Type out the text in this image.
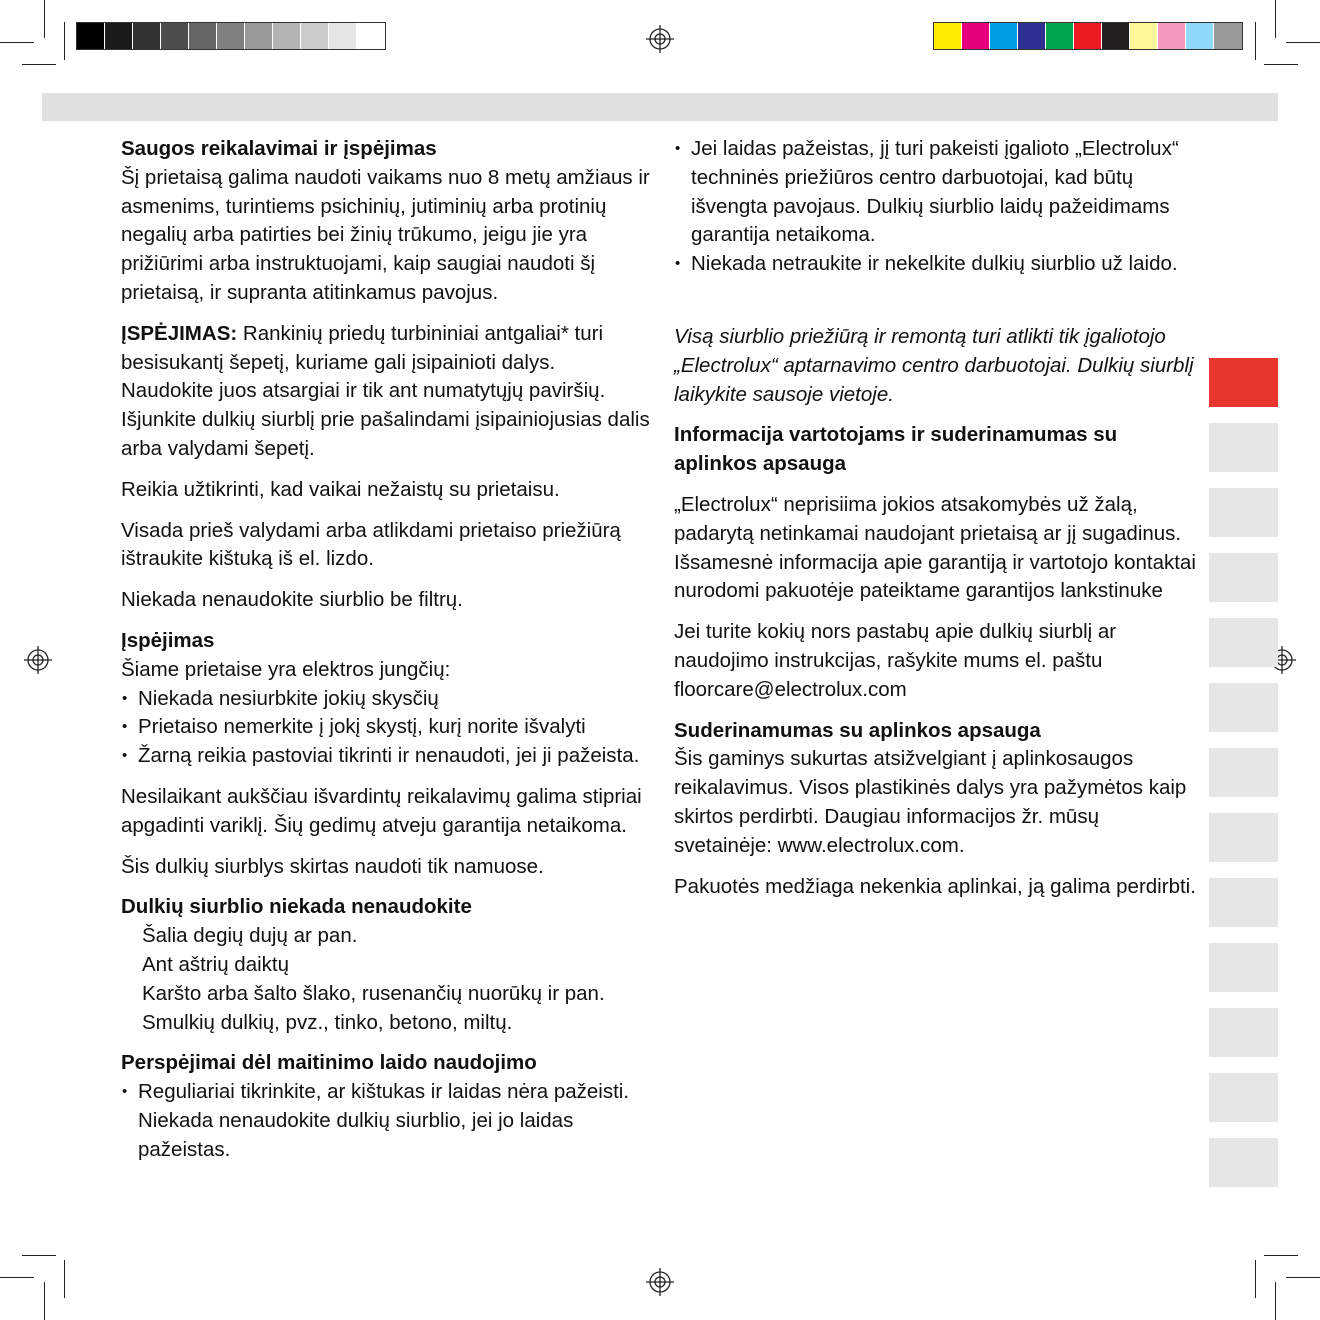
Saugos reikalavimai ir įspėjimas

Šį prietaisą galima naudoti vaikams nuo 8 metų amžiaus ir asmenims, turintiems psichinių, jutiminių arba protinių negalių arba patirties bei žinių trūkumo, jeigu jie yra prižiūrimi arba instruktuojami, kaip saugiai naudoti šį prietaisą, ir supranta atitinkamus pavojus.

ĮSPĖJIMAS: Rankinių priedų turbininiai antgaliai* turi besisukantį šepetį, kuriame gali įsipainioti dalys. Naudokite juos atsargiai ir tik ant numatytųjų paviršių. Išjunkite dulkių siurblį prie pašalindami įsipainiojusias dalis arba valydami šepetį.

Reikia užtikrinti, kad vaikai nežaistų su prietaisu.

Visada prieš valydami arba atlikdami prietaiso priežiūrą ištraukite kištuką iš el. lizdo.

Niekada nenaudokite siurblio be filtrų.

Įspėjimas

Šiame prietaise yra elektros jungčių:

• Niekada nesiurbkite jokių skysčių

• Prietaiso nemerkite į jokį skystį, kurį norite išvalyti

• Žarną reikia pastoviai tikrinti ir nenaudoti, jei ji pažeista.

Nesilaikant aukščiau išvardintų reikalavimų galima stipriai apgadinti variklį. Šių gedimų atveju garantija netaikoma.

Šis dulkių siurblys skirtas naudoti tik namuose.

Dulkių siurblio niekada nenaudokite

Šalia degių dujų ar pan.

Ant aštrių daiktų

Karšto arba šalto šlako, rusenančių nuorūkų ir pan.

Smulkių dulkių, pvz., tinko, betono, miltų.

Perspėjimai dėl maitinimo laido naudojimo

• Reguliariai tikrinkite, ar kištukas ir laidas nėra pažeisti. Niekada nenaudokite dulkių siurblio, jei jo laidas pažeistas.

• Jei laidas pažeistas, jį turi pakeisti įgalioto „Electrolux“ techninės priežiūros centro darbuotojai, kad būtų išvengta pavojaus. Dulkių siurblio laidų pažeidimams garantija netaikoma.

• Niekada netraukite ir nekelkite dulkių siurblio už laido.

Visą siurblio priežiūrą ir remontą turi atlikti tik įgaliotojo „Electrolux“ aptarnavimo centro darbuotojai. Dulkių siurblį laikykite sausoje vietoje.

Informacija vartotojams ir suderinamumas su aplinkos apsauga

„Electrolux“ neprisiima jokios atsakomybės už žalą, padarytą netinkamai naudojant prietaisą ar jį sugadinus. Išsamesnė informacija apie garantiją ir vartotojo kontaktai nurodomi pakuotėje pateiktame garantijos lankstinuke

Jei turite kokių nors pastabų apie dulkių siurblį ar naudojimo instrukcijas, rašykite mums el. paštu floorcare@electrolux.com

Suderinamumas su aplinkos apsauga

Šis gaminys sukurtas atsižvelgiant į aplinkosaugos reikalavimus. Visos plastikinės dalys yra pažymėtos kaip skirtos perdirbti. Daugiau informacijos žr. mūsų svetainėje: www.electrolux.com.

Pakuotės medžiaga nekenkia aplinkai, ją galima perdirbti.
